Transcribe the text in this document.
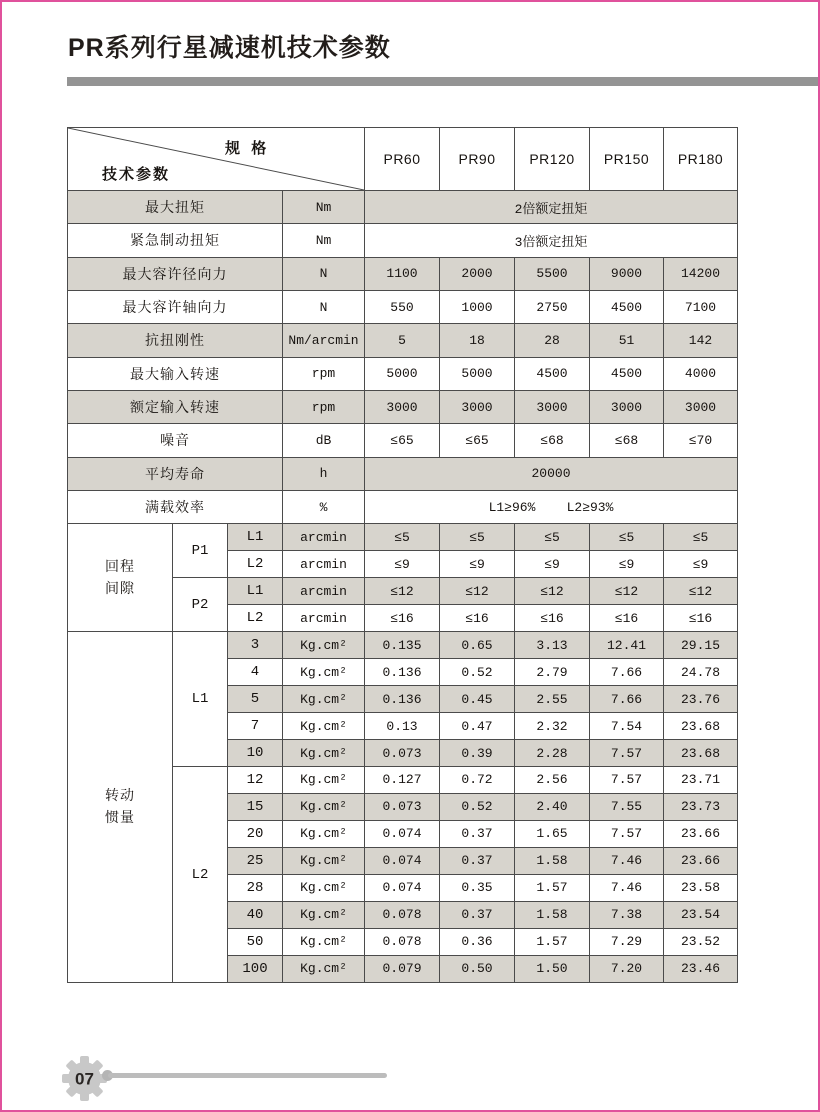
PR系列行星减速机技术参数
规 格
技术参数				PR60	PR90	PR120	PR150	PR180
最大扭矩			Nm	2倍额定扭矩				
紧急制动扭矩			Nm	3倍额定扭矩				
最大容许径向力			N	1100	2000	5500	9000	14200
最大容许轴向力			N	550	1000	2750	4500	7100
抗扭刚性			Nm/arcmin	5	18	28	51	142
最大输入转速			rpm	5000	5000	4500	4500	4000
额定输入转速			rpm	3000	3000	3000	3000	3000
噪音			dB	≤65	≤65	≤68	≤68	≤70
平均寿命			h	20000				
满载效率			%	L1≥96%    L2≥93%				

回程
间隙	P1	L1	arcmin	≤5	≤5	≤5	≤5	≤5
		L2	arcmin	≤9	≤9	≤9	≤9	≤9
	P2	L1	arcmin	≤12	≤12	≤12	≤12	≤12
		L2	arcmin	≤16	≤16	≤16	≤16	≤16

转动
惯量	L1	3	Kg.cm²	0.135	0.65	3.13	12.41	29.15
		4	Kg.cm²	0.136	0.52	2.79	7.66	24.78
		5	Kg.cm²	0.136	0.45	2.55	7.66	23.76
		7	Kg.cm²	0.13	0.47	2.32	7.54	23.68
		10	Kg.cm²	0.073	0.39	2.28	7.57	23.68
	L2	12	Kg.cm²	0.127	0.72	2.56	7.57	23.71
		15	Kg.cm²	0.073	0.52	2.40	7.55	23.73
		20	Kg.cm²	0.074	0.37	1.65	7.57	23.66
		25	Kg.cm²	0.074	0.37	1.58	7.46	23.66
		28	Kg.cm²	0.074	0.35	1.57	7.46	23.58
		40	Kg.cm²	0.078	0.37	1.58	7.38	23.54
		50	Kg.cm²	0.078	0.36	1.57	7.29	23.52
		100	Kg.cm²	0.079	0.50	1.50	7.20	23.46
07
